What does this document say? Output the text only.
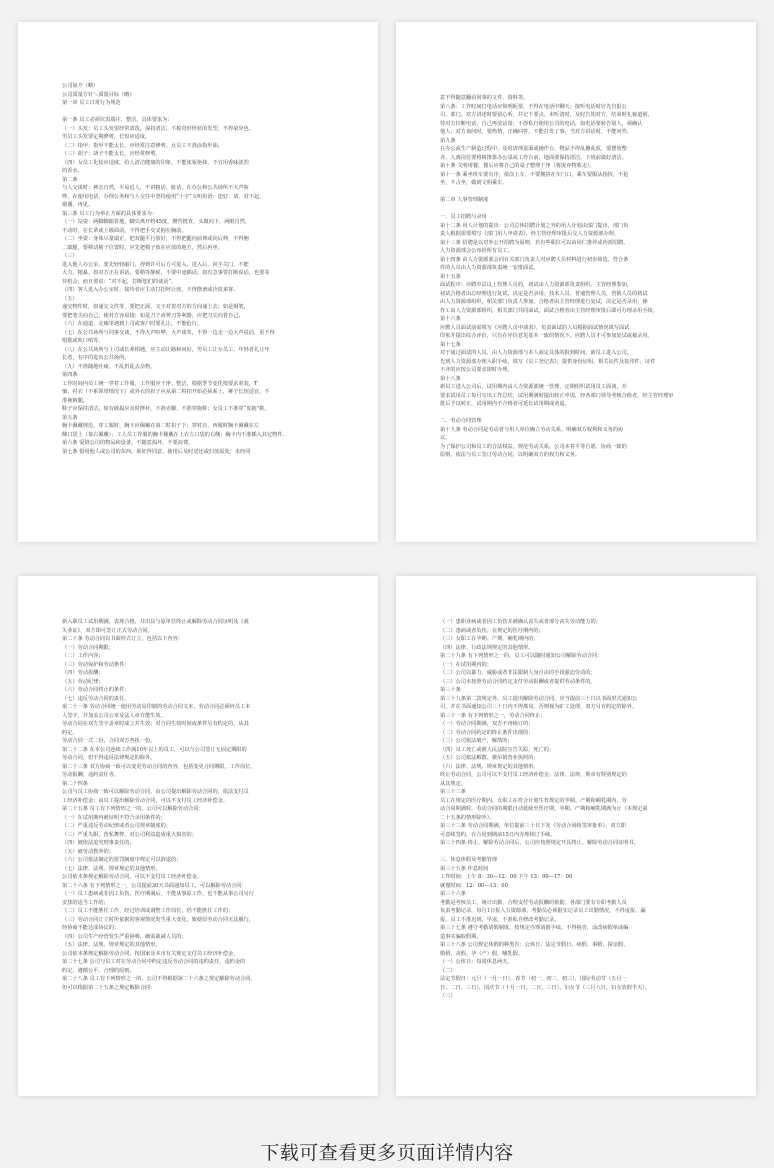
公司简介（略）
公司质量方针＼质量目标（略）
第一章 员工日常行为规范
第一条 员工必须仪表端庄、整洁，具体要求为：
（一）头发：员工头发要经常清洗，保持清洁，不梳奇形怪状的发型，不得染异色。
男员工头发要定期修剪，长短应适度。
（二）指甲：指甲不能太长，应经常注意修剪。女员工不准涂指甲油。
（三）胡子：胡子不能太长，应经常修剪。
（四）女员工化妆应适度，给人清洁健康的印象，不能浓妆艳抹，不宜用香味浓烈
的香水。
第二条
与人交谈时：神态自然，平易近人，不讲粗话、脏话，在办公和公共场所不大声喧
哗，在使用电话，办理公务和与人交往中坚持使用“十字”文明用语：您好、请、对不起、
谢谢、再见。
第三条 员工行为举止方面的具体要求为：
（一）站姿：两脚脚跟着地，脚尖离开约45度，腰背挺直，头微向下，两眼自然，
不动时，在长辈或上级面前，不得把手交叉抱在胸前。
（二）坐姿：身体尽量端正，把双腿平行放好，不得把腿向前伸或向后伸，不得翘
二郎腿，要移动椅子位置时，应先把椅子放在应放的地方，然后再坐。
（三）
进入他人办公室，要先轻轻敲门，得到许可后方可进入，进入后，回手关门，不能
大力、粗暴。如对方正在讲话，要稍等静候，不要中途插话，如有急事要打断说话，也要等
待机会，而且要说：“对不起，打断您们的谈话”。
（四）客人进入办公室时，接待者应主动打招呼让座，不得摆谱或冷淡来客。
（五）
递交物件时，如递交文件等，要把正面，文字对着对方的方向递上去；如是钢笔，
要把笔尖向自己，使对方容易接；如是刀子或剪刀等利器，应把刀尖向着自己。
（六）在通道、走廊里遇到上司或客户时要礼让，不能抢行。
（七）在公共场所与同事交谈，不得大声喧哗，大声谈笑，不得一边走一边大声说话，更不得
唱歌或吹口哨等。
（八）在公共场所与上司或长辈相遇，应主动让路和问好，男员工让女员工，年轻者礼让年
长者，有序的进出公共场所。
（九）不准随地吐痰、不乱扔乱丢杂物。
第四条
工作时间内员工统一穿着工作服，工作服应干净、整洁，根据季节变化按要求着装，T
恤、衬衣（不系领带情况下）或外衣的扣子应从第二粒扣开始必须系上，裤子长短适宜，不
准挽裤腿。
鞋子应保持清洁，如有破损应及时修补，不准赤脚、不准穿拖鞋；女员工不准穿“皮拖”鞋。
第五条
胸卡佩戴规范。穿工服时，胸卡应佩戴在第二粒扣子下；穿衬衣、西服时胸卡佩戴在左
侧口袋上（靠右佩戴）；工人员工作服的胸卡佩戴在上衣左口袋的右侧；胸卡内不准插入其它物件。
第六条 爱惜公司的物品和设备，不随意损坏，不要浪费。
第七条 借用他人或公司的东西，须征得同意，使用后及时送还或归放原处；未经同
意不得随意翻看同事的文件、资料等。
第八条：工作时间打电话应简明扼要，不得在电话中聊天；接听电话时应先自报公
司、部门，对方讲述时要留心听，并记下要点，未听清时，及时告知对方，结束时礼貌道别，
待对方挂断电话，自己再放话筒；不得私自使用公司的电话，如电话要转告别人，须确认
他人；对方询问时，要热情，正确回答，不能打发了事，当对方讲话时，不能问答。
第九条
在办公或生产制造过程中，及时清理桌面或操作台，物品不得乱摊乱放，要摆放整
齐。人离岗位要将椅推靠办公桌或工作台前，地面要保持清洁，下班前做好清洁。
第十条 文明用餐，餐后应将自己的桌子整理干净（将废弃物收走）。
第十一条 乘坐班车要有序，依次上车，不要拥挤在车门口，乘车要服从指挥，不抢
坐，不占坐，做到文明乘车。
第二章 人事管理制度
一、员工招聘与录用
第十二条 用人计划的提出：公司总体招聘计划之外的用人计划由部门提出，部门负
责人根据需要填写《部门用人申请表》，经主管经理审批后交人力资源部办理。
第十三条 招聘是以对外公开招聘为原则，若有些职位可以由同仁推荐或内部招聘，
人力资源部会公布给所有员工。
第十四条 由人力资源部会同有关部门负责人对应聘人员材料进行初步筛选，符合条
件的人员由人力资源部负责统一安排面试。
第十五条
面试程序：应聘中层以上管理人员的，初试由人力资源部负责组织，主管经理参加，
初试合格者由总经理进行复试，决定是否录用；技术人员、普通管理人员，营销人员的初试
由人力资源部组织，相关部门负责人参加，合格者由主管经理进行复试，决定是否录用；操
作工由人力资源部组织，相关部门共同面试，面试合格者由主管经理审批后即可办理录用手续。
第十六条
应聘人员面试前需填写《应聘人员申请表》，负责面试的人员根据面试情况填写面试
印象并提出综合评价，只有在评价意见基本一致的情况下，应聘人员才可参加复试或被录用。
第十七条
对于通过面试的人员，由人力资源部与本人商定具体的报到时间，新员工进入公司，
先到人力资源部办理入职手续，填写《员工登记表》，提供身份证明、相关证件及复印件，证件
不齐的应按公司要求即时办理。
第十八条
新员工进入公司后，试用期内由人力资源部统一管理，定期组织试用员工面谈，并
要求试用员工每月写出工作总结，试用期满时提出转正申请，经各部门领导考核合格者，经主管经理审
批后予以转正，试用期内不合格者可延长试用期或劝退。
二、劳动合同管理
第十九条 劳动合同是劳动者与用人单位确立劳动关系、明确双方权利和义务的协
议。
为了保护公司和员工的合法权益，规范劳动关系，公司本着平等自愿、协商一致的
原则，依法与员工签订劳动合同，以明确双方的权力和义务。
新入职员工试用期满，表现合格，并出具与原单位终止或解除劳动合同证明及《就
失业证》，双方即可签订正式劳动合同。
第二十条 劳动合同以书面形式订立，包括以下内容：
（一）劳动合同期限；
（二）工作内容；
（三）劳动保护和劳动条件；
（四）劳动报酬；
（五）劳动纪律；
（六）劳动合同终止的条件；
（七）违反劳动合同的责任。
第二十一条 劳动合同统一使用劳动局印制的劳动合同文本，劳动合同必须经员工本
人签字，并加盖公司公章及法人章方能生效。
劳动合同在双方签字盖章时成立并生效；对合同生效时间或条件另有约定的，从其
约定。
劳动合同一式二份，合同双方各执一份。
第二十二条 在本公司连续工作满10年以上的员工，可以与公司签订无固定期限的
劳动合同，但不得违反法律规定的除外。
第二十三条 双方协商一致可以变更劳动合同的内容，包括变更合同期限，工作岗位，
劳动报酬，违约责任等。
第二十四条
公司与员工协商一致可以解除劳动合同，由公司提出解除劳动合同的，依法支付员
工经济补偿金；由员工提出解除劳动合同，可以不支付员工经济补偿金。
第二十五条 员工有下列情形之一的，公司可以解除劳动合同：
（一）在试用期内被证明不符合录用条件的；
（二）严重违反劳动纪律或者公司规章制度的；
（三）严重失职，营私舞弊，对公司利益造成重大损害的；
（四）被依法追究刑事责任的；
（五）被劳动教养的；
（六）公司依法制定的惩罚制度中规定可以辞退的；
（七）法律、法规、规章规定的其他情形。
公司依本条规定解除劳动合同，可以不支付员工经济补偿金。
第二十六条 有下列情形之一，公司提前30天书面通知员工，可以解除劳动合同：
（一）员工患病或非因工负伤，医疗期满后，不能从事原工作，也不能从事公司另行
安排的适当工作的；
（二）员工不能胜任工作，经过培训或调整工作岗位，仍不能胜任工作的；
（三）劳动合同订立时所依据的客观情况发生重大变化，致使原劳动合同无法履行，
经协商不能达成协议的；
（四）公司生产经营发生严重困难，确需裁减人员的；
（五）法律、法规、规章规定的其他情形。
公司依本条规定解除劳动合同，按国家及本市有关规定支付员工经济补偿金。
第二十七条 公司与员工对在劳动合同中约定违反劳动合同的违约责任，违约金的
约定，遵循公平、合理的原则。
第二十八条 员工有下列情形之一的，公司不得根据第二十六条之规定解除劳动合同，
但可以根据第二十五条之规定解除合同：
（一）患职业病或者因工负伤并被确认丧失或者部分丧失劳动能力的；
（二）患病或者负伤，在规定的医疗期内的；
（三）女职工在孕期、产期、哺乳期内的；
（四）法律、行政法规规定的其他情形。
第二十九条 有下列情形之一的，员工可以随时通知公司解除劳动合同：
（一）在试用期内的；
（二）公司以暴力、威胁或者非法限制人身自由的手段强迫劳动的；
（三）公司未按照劳动合同约定支付劳动报酬或者提供劳动条件的。
第三十条
第三十九条第二款规定外，员工提出解除劳动合同，应当提前三十日以书面形式通知公
司，并在书面通知公司三十日内不得离岗，否则视为旷工处理，双方另有约定的除外。
第三十一条 有下列情形之一，劳动合同终止：
（一）劳动合同期满，双方不再续订的；
（二）劳动合同约定的终止条件出现的；
（三）公司依法破产，解散的；
（四）员工死亡或被人民法院宣告失踪，死亡的；
（五）公司依法解散、被吊销营业执照的；
（六）法律、法规、规章规定的其他情形。
终止劳动合同，公司可以不支付员工经济补偿金；法律、法规、规章有特别规定的
从其规定。
第三十二条
员工在规定的医疗期内，女职工在符合计划生育规定的孕期、产期和哺乳期内，劳
动合同期满时，劳动合同的期限自动延续至医疗期、孕期、产期和哺乳期满为止（本规定第
二十五条的情形除外）。
第三十三条 劳动合同期满，单位提前三十日下发《劳动合同续签审批单》，双方即
可意续签约，在合同到期前15日内办理续订手续。
第三十四条 终止、解除劳动合同后，公司应按照规定开具终止、解除劳动合同证明书。
三、休息休假及考勤管理
第三十五条 作息时间
工作时间：上午 8：30—12：00 下午 13：00—17：00
就餐时间：12：00—13：00
第三十六条
考勤是考核员工，统计出勤，合理支付劳动报酬的依据，各部门要有专职考勤人员
负责考勤记录，每月1日报人力资源部，考勤员必须据实记录员工出勤情况，不得虚报、漏
报，员工不准迟到、早退，不准私自修改考勤记录。
第三十七条 遵守考勤请假制度，按规定办理请假手续，不得拖沓，涂改病假单或编
造事实骗取假期。
第三十八条 公司规定休假的种类有：公休日、法定节假日、病假、事假、探亲假、
婚假、丧假、孕（产）假、哺乳假。
（一）公休日：每周休息两天。
（二）
法定节假日：元旦（一月一日），春节（初一、初二、初三），国际劳动节（五月一
日、二日、三日），国庆节（十月一日、二日、三日），妇女节（三月八日，妇女放假半天）。
（三）
下载可查看更多页面详情内容
